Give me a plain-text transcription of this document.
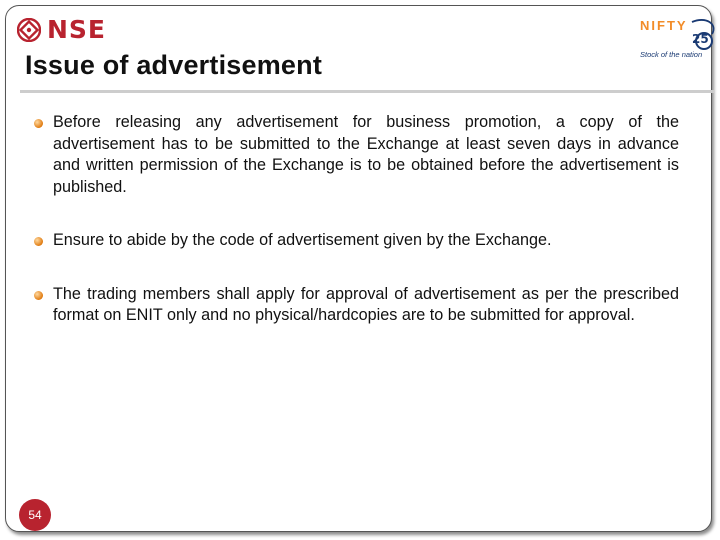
NSE
Issue of advertisement
25
NIFTY
Stock of the nation
Before releasing any advertisement for business promotion, a copy of the advertisement has to be submitted to the Exchange at least seven days in advance and written permission of the Exchange is to be obtained before the advertisement is published.
Ensure to abide by the code of advertisement given by the Exchange.
The trading members shall apply for approval of advertisement as per the prescribed format on ENIT only and no physical/hardcopies are to be submitted for approval.
54
